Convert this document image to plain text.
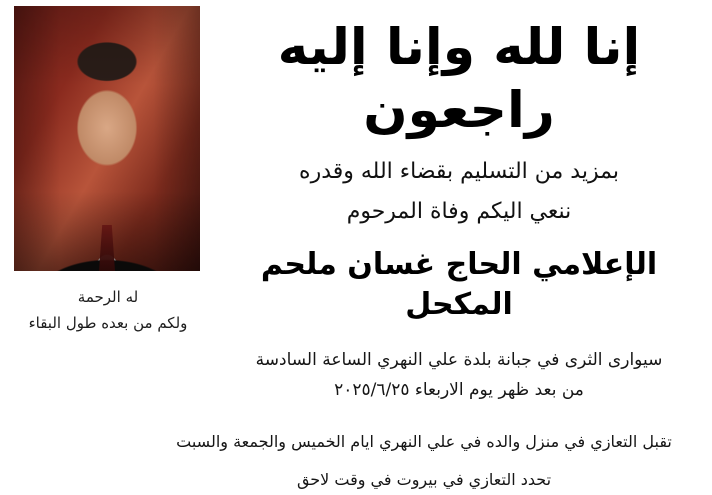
له الرحمة
ولكم من بعده طول البقاء
إنا لله وإنا إليه راجعون
بمزيد من التسليم بقضاء الله وقدره
ننعي اليكم وفاة المرحوم
الإعلامي الحاج غسان ملحم المكحل
سيوارى الثرى في جبانة بلدة علي النهري الساعة السادسة
من بعد ظهر يوم الاربعاء ٢٠٢٥/٦/٢٥
تقبل التعازي في منزل والده في علي النهري ايام الخميس والجمعة والسبت
تحدد التعازي في بيروت في وقت لاحق
